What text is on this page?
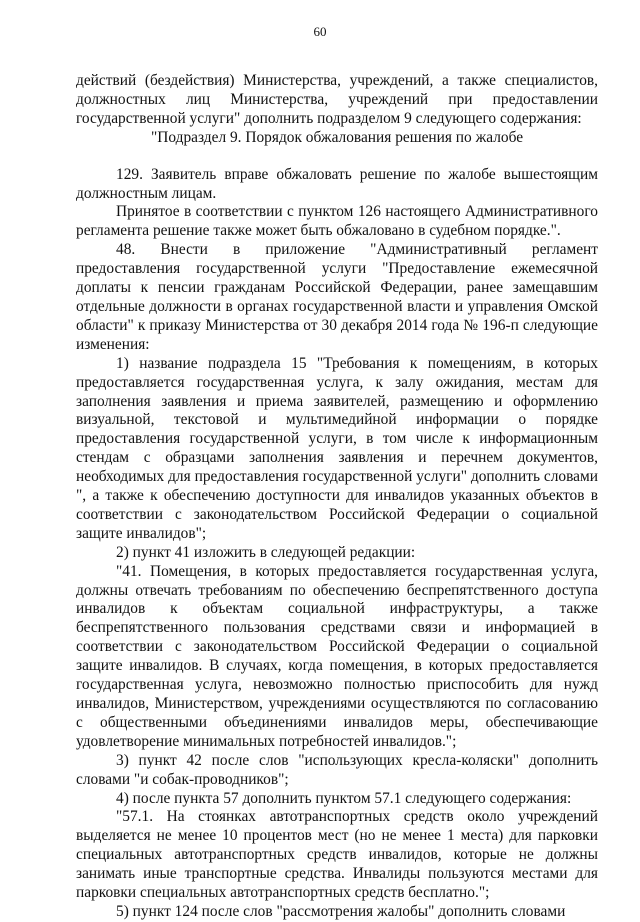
60

действий (бездействия) Министерства, учреждений, а также специалистов, должностных лиц Министерства, учреждений при предоставлении государственной услуги" дополнить подразделом 9 следующего содержания:

"Подраздел 9. Порядок обжалования решения по жалобе

129. Заявитель вправе обжаловать решение по жалобе вышестоящим должностным лицам.

Принятое в соответствии с пунктом 126 настоящего Административного регламента решение также может быть обжаловано в судебном порядке.".

48. Внести в приложение "Административный регламент предоставления государственной услуги "Предоставление ежемесячной доплаты к пенсии гражданам Российской Федерации, ранее замещавшим отдельные должности в органах государственной власти и управления Омской области" к приказу Министерства от 30 декабря 2014 года № 196-п следующие изменения:

1) название подраздела 15 "Требования к помещениям, в которых предоставляется государственная услуга, к залу ожидания, местам для заполнения заявления и приема заявителей, размещению и оформлению визуальной, текстовой и мультимедийной информации о порядке предоставления государственной услуги, в том числе к информационным стендам с образцами заполнения заявления и перечнем документов, необходимых для предоставления государственной услуги" дополнить словами ", а также к обеспечению доступности для инвалидов указанных объектов в соответствии с законодательством Российской Федерации о социальной защите инвалидов";

2) пункт 41 изложить в следующей редакции:

"41. Помещения, в которых предоставляется государственная услуга, должны отвечать требованиям по обеспечению беспрепятственного доступа инвалидов к объектам социальной инфраструктуры, а также беспрепятственного пользования средствами связи и информацией в соответствии с законодательством Российской Федерации о социальной защите инвалидов. В случаях, когда помещения, в которых предоставляется государственная услуга, невозможно полностью приспособить для нужд инвалидов, Министерством, учреждениями осуществляются по согласованию с общественными объединениями инвалидов меры, обеспечивающие удовлетворение минимальных потребностей инвалидов.";

3) пункт 42 после слов "использующих кресла-коляски" дополнить словами "и собак-проводников";

4) после пункта 57 дополнить пунктом 57.1 следующего содержания:

"57.1. На стоянках автотранспортных средств около учреждений выделяется не менее 10 процентов мест (но не менее 1 места) для парковки специальных автотранспортных средств инвалидов, которые не должны занимать иные транспортные средства. Инвалиды пользуются местами для парковки специальных автотранспортных средств бесплатно.";

5) пункт 124 после слов "рассмотрения жалобы" дополнить словами
